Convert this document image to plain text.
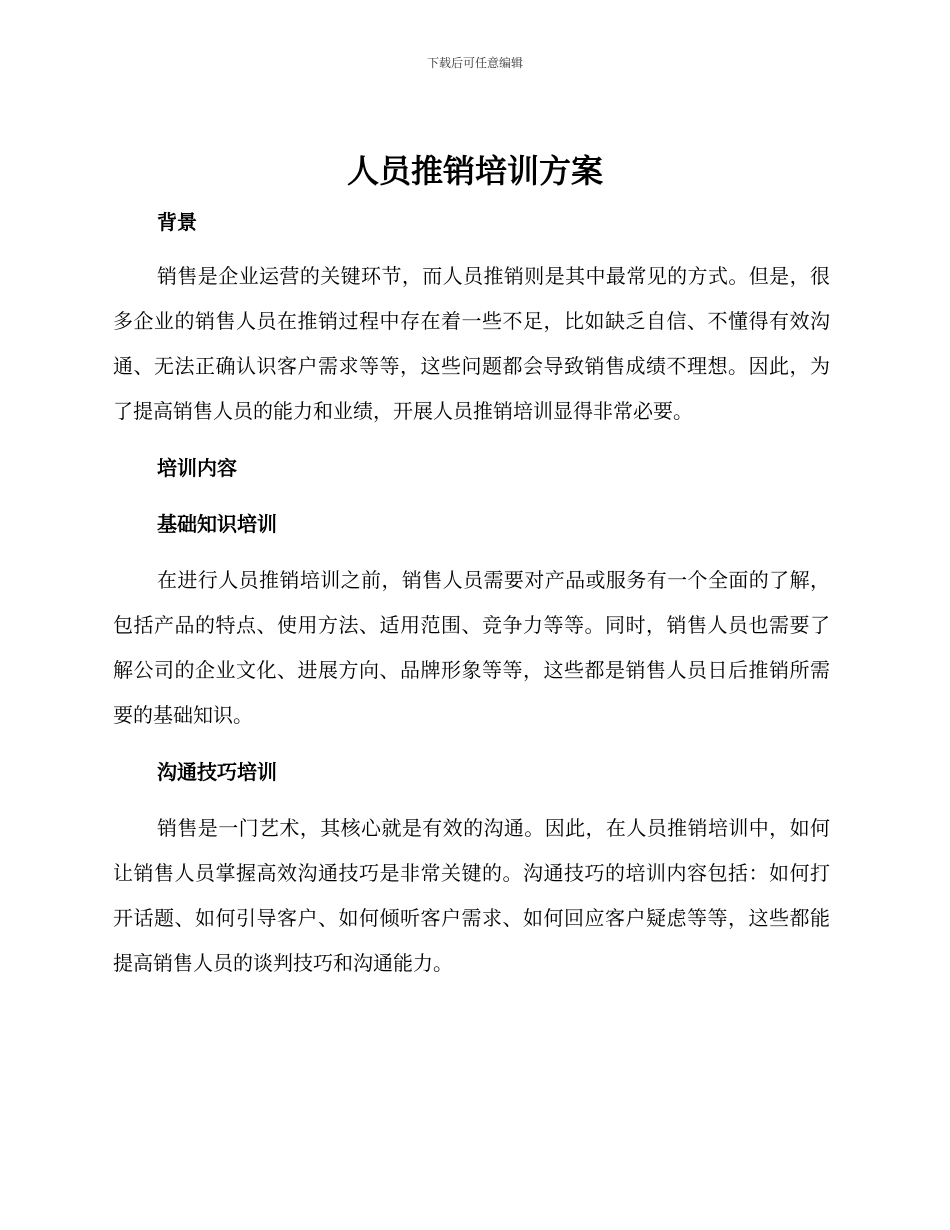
下载后可任意编辑
人员推销培训方案

背景

销售是企业运营的关键环节，而人员推销则是其中最常见的方式。但是，很多企业的销售人员在推销过程中存在着一些不足，比如缺乏自信、不懂得有效沟通、无法正确认识客户需求等等，这些问题都会导致销售成绩不理想。因此，为了提高销售人员的能力和业绩，开展人员推销培训显得非常必要。

培训内容

基础知识培训

在进行人员推销培训之前，销售人员需要对产品或服务有一个全面的了解，包括产品的特点、使用方法、适用范围、竞争力等等。同时，销售人员也需要了解公司的企业文化、进展方向、品牌形象等等，这些都是销售人员日后推销所需要的基础知识。

沟通技巧培训

销售是一门艺术，其核心就是有效的沟通。因此，在人员推销培训中，如何让销售人员掌握高效沟通技巧是非常关键的。沟通技巧的培训内容包括：如何打开话题、如何引导客户、如何倾听客户需求、如何回应客户疑虑等等，这些都能提高销售人员的谈判技巧和沟通能力。
